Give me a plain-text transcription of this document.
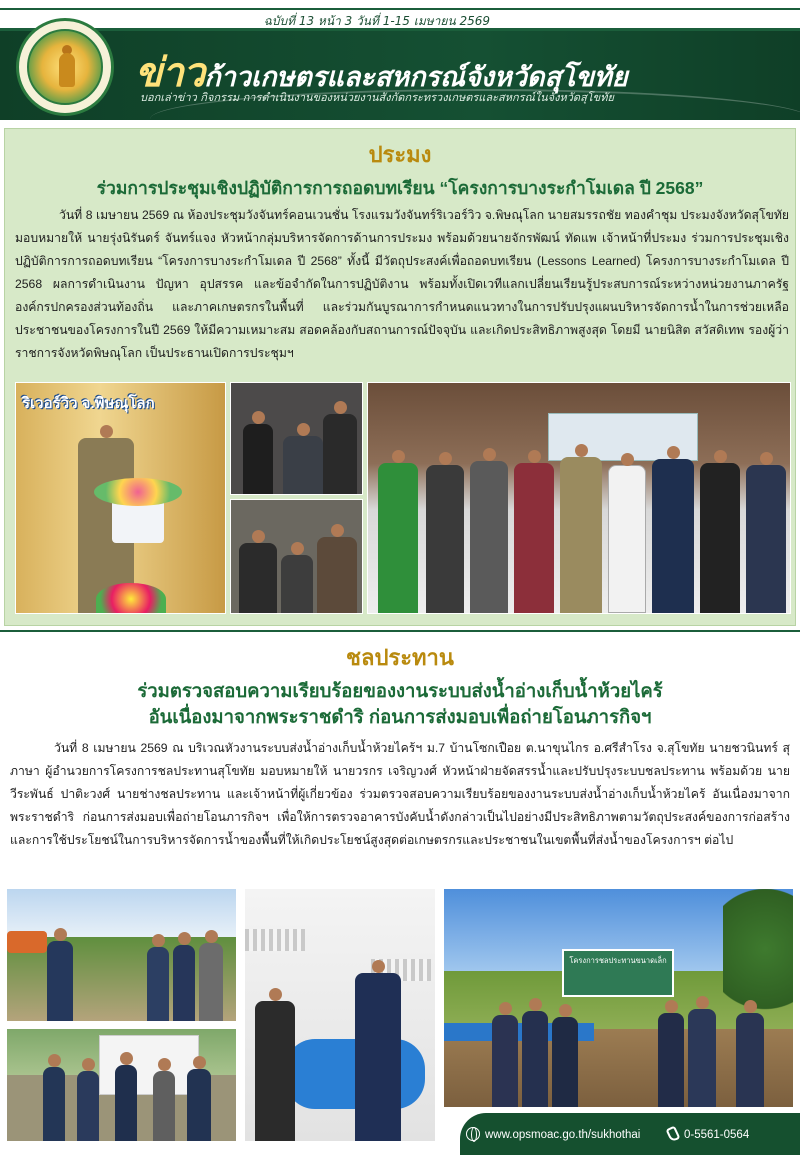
ฉบับที่ 13 หน้า 3 วันที่ 1-15 เมษายน 2569
ข่าวก้าวเกษตรและสหกรณ์จังหวัดสุโขทัย
บอกเล่าข่าว กิจกรรม การดำเนินงานของหน่วยงานสังกัดกระทรวงเกษตรและสหกรณ์ในจังหวัดสุโขทัย
ประมง
ร่วมการประชุมเชิงปฏิบัติการการถอดบทเรียน “โครงการบางระกำโมเดล ปี 2568”
วันที่ 8 เมษายน 2569 ณ ห้องประชุมวังจันทร์คอนเวนชั่น โรงแรมวังจันทร์ริเวอร์วิว จ.พิษณุโลก นายสมรรถชัย ทองคำชุม ประมงจังหวัดสุโขทัย มอบหมายให้ นายรุ่งนิรันดร์ จันทร์แจง หัวหน้ากลุ่มบริหารจัดการด้านการประมง พร้อมด้วยนายจักรพัฒน์ ทัดแพ เจ้าหน้าที่ประมง ร่วมการประชุมเชิงปฏิบัติการการถอดบทเรียน “โครงการบางระกำโมเดล ปี 2568” ทั้งนี้ มีวัตถุประสงค์เพื่อถอดบทเรียน (Lessons Learned) โครงการบางระกำโมเดล ปี 2568 ผลการดำเนินงาน ปัญหา อุปสรรค และข้อจำกัดในการปฏิบัติงาน พร้อมทั้งเปิดเวทีแลกเปลี่ยนเรียนรู้ประสบการณ์ระหว่างหน่วยงานภาครัฐ องค์กรปกครองส่วนท้องถิ่น และภาคเกษตรกรในพื้นที่ และร่วมกันบูรณาการกำหนดแนวทางในการปรับปรุงแผนบริหารจัดการน้ำในการช่วยเหลือประชาชนของโครงการในปี 2569 ให้มีความเหมาะสม สอดคล้องกับสถานการณ์ปัจจุบัน และเกิดประสิทธิภาพสูงสุด โดยมี นายนิสิต สวัสดิเทพ รองผู้ว่าราชการจังหวัดพิษณุโลก เป็นประธานเปิดการประชุมฯ
ริเวอร์วิว จ.พิษณุโลก
ชลประทาน
ร่วมตรวจสอบความเรียบร้อยของงานระบบส่งน้ำอ่างเก็บน้ำห้วยไคร้
อันเนื่องมาจากพระราชดำริ ก่อนการส่งมอบเพื่อถ่ายโอนภารกิจฯ
วันที่ 8 เมษายน 2569 ณ บริเวณหัวงานระบบส่งน้ำอ่างเก็บน้ำห้วยไคร้ฯ ม.7 บ้านโซกเปือย ต.นาขุนไกร อ.ศรีสำโรง จ.สุโขทัย นายชวนินทร์ สุภาษา ผู้อำนวยการโครงการชลประทานสุโขทัย มอบหมายให้ นายวรกร เจริญวงศ์ หัวหน้าฝ่ายจัดสรรน้ำและปรับปรุงระบบชลประทาน พร้อมด้วย นายวีระพันธ์ ปาติะวงศ์ นายช่างชลประทาน และเจ้าหน้าที่ผู้เกี่ยวข้อง ร่วมตรวจสอบความเรียบร้อยของงานระบบส่งน้ำอ่างเก็บน้ำห้วยไคร้ อันเนื่องมาจากพระราชดำริ ก่อนการส่งมอบเพื่อถ่ายโอนภารกิจฯ เพื่อให้การตรวจอาคารบังคับน้ำดังกล่าวเป็นไปอย่างมีประสิทธิภาพตามวัตถุประสงค์ของการก่อสร้าง และการใช้ประโยชน์ในการบริหารจัดการน้ำของพื้นที่ให้เกิดประโยชน์สูงสุดต่อเกษตรกรและประชาชนในเขตพื้นที่ส่งน้ำของโครงการฯ ต่อไป
โครงการชลประทานขนาดเล็ก
www.opsmoac.go.th/sukhothai	0-5561-0564
